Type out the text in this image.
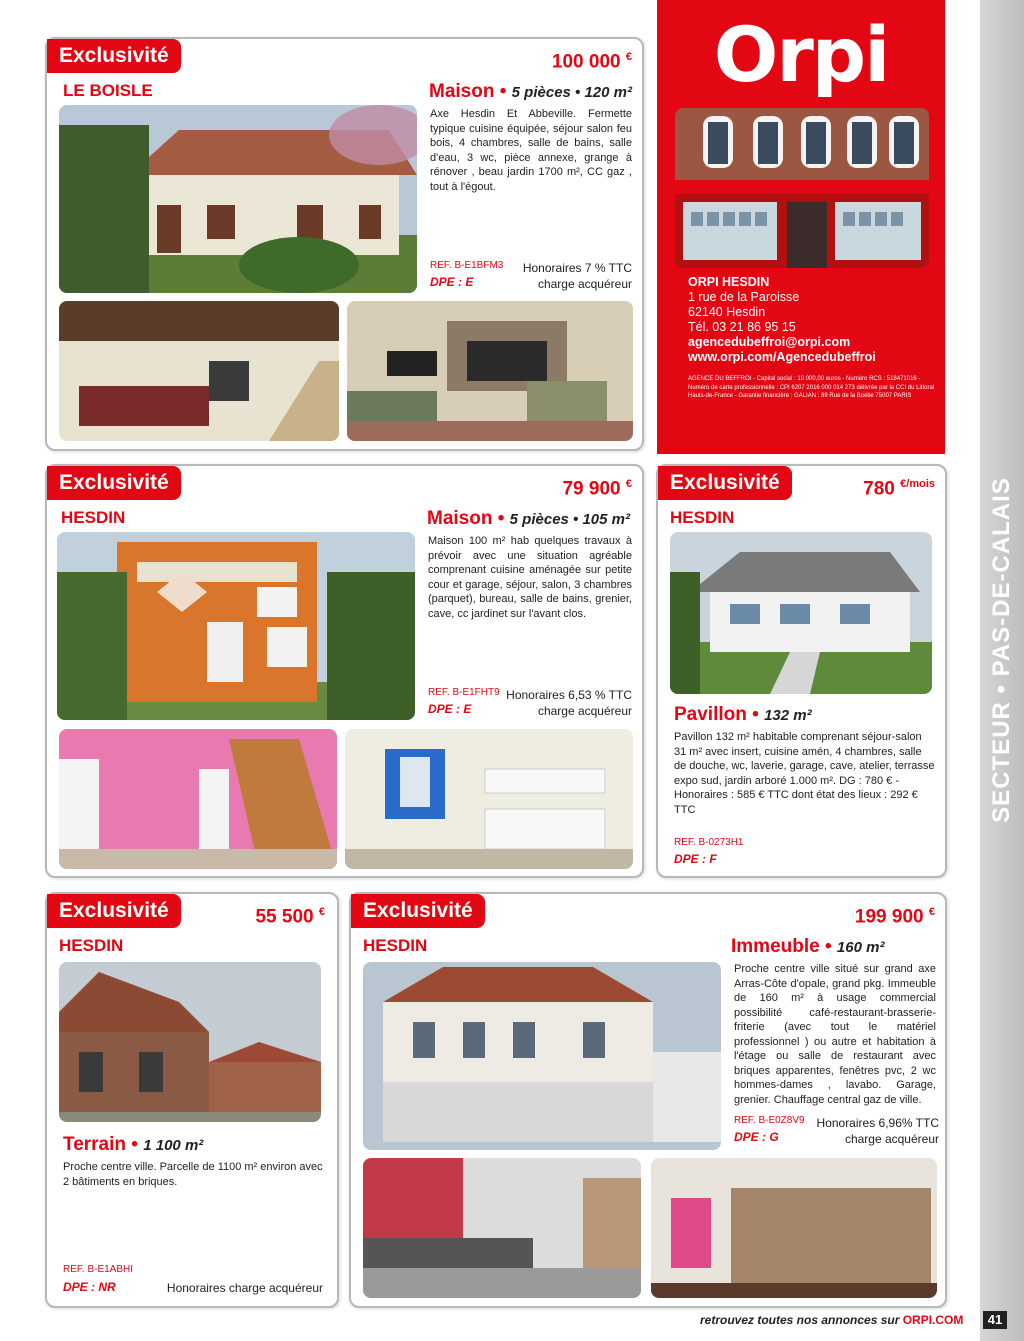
SECTEUR • PAS-DE-CALAIS
Orpi
ORPI HESDIN
1 rue de la Paroisse
62140 Hesdin
Tél. 03 21 86 95 15
agencedubeffroi@orpi.com
www.orpi.com/Agencedubeffroi
AGENCE DU BEFFROI - Capital social : 10 000,00 euros - Numéro RCS : 518471016 - Numéro de carte professionnelle : CPI 6207 2016 000 014 273 délivrée par la CCI du Littoral Hauts-de-France - Garantie financière : GALIAN : 89 Rue de la Boétie 75007 PARIS
Exclusivité
LE BOISLE
100 000 €
Maison • 5 pièces • 120 m²
Axe Hesdin Et Abbeville. Fermette typique cuisine équipée, séjour salon feu bois, 4 chambres, salle de bains, salle d'eau, 3 wc, pièce annexe, grange à rénover , beau jardin 1700 m², CC gaz , tout à l'égout.
REF. B-E1BFM3
DPE : E
Honoraires 7 % TTC
charge acquéreur
Exclusivité
HESDIN
79 900 €
Maison • 5 pièces • 105 m²
Maison 100 m² hab quelques travaux à prévoir avec une situation agréable comprenant cuisine aménagée sur petite cour et garage, séjour, salon, 3 chambres (parquet), bureau, salle de bains, grenier, cave, cc jardinet sur l'avant clos.
REF. B-E1FHT9
DPE : E
Honoraires 6,53 % TTC
charge acquéreur
Exclusivité
HESDIN
780 $^{€/mois}$
Pavillon • 132 m²
Pavillon 132 m² habitable comprenant séjour-salon 31 m² avec insert, cuisine amén, 4 chambres, salle de douche, wc, laverie, garage, cave, atelier, terrasse expo sud, jardin arboré 1.000 m². DG : 780 € - Honoraires : 585 € TTC dont état des lieux : 292 € TTC
REF. B-0273H1
DPE : F
Exclusivité
HESDIN
55 500 €
Terrain • 1 100 m²
Proche centre ville. Parcelle de 1100 m² environ avec 2 bâtiments en briques.
REF. B-E1ABHI
DPE : NR	Honoraires charge acquéreur
Exclusivité
HESDIN
199 900 €
Immeuble • 160 m²
Proche centre ville situé sur grand axe Arras-Côte d'opale, grand pkg. Immeuble de 160 m² à usage commercial possibilité café-restaurant-brasserie-friterie (avec tout le matériel professionnel ) ou autre et habitation à l'étage ou salle de restaurant avec briques apparentes, fenêtres pvc, 2 wc hommes-dames , lavabo. Garage, grenier. Chauffage central gaz de ville.
REF. B-E0Z8V9
DPE : G
Honoraires 6,96% TTC
charge acquéreur
retrouvez toutes nos annonces sur ORPI.COM	41
